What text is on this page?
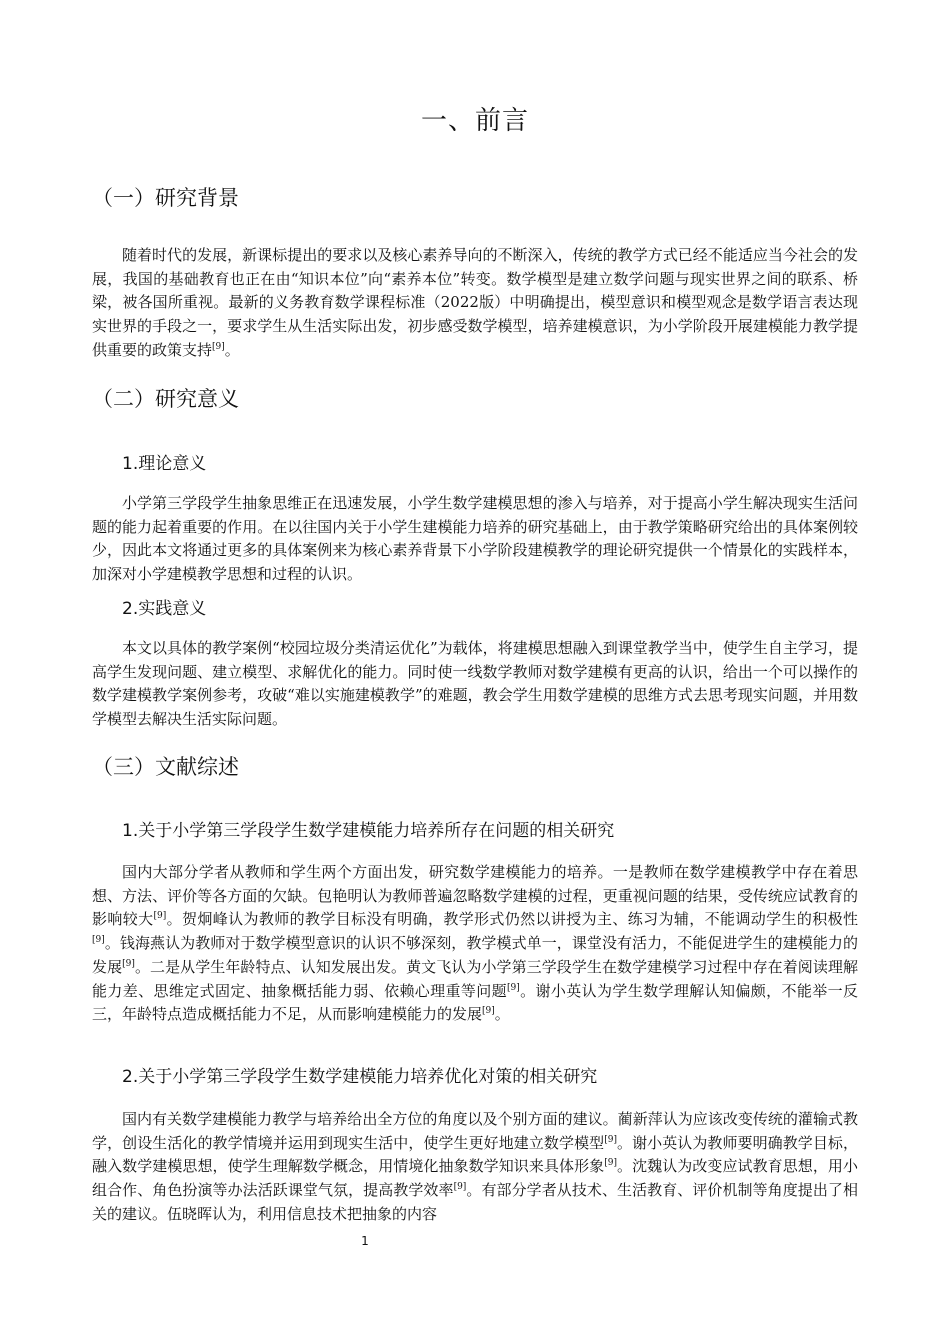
一、前言
（一）研究背景

随着时代的发展，新课标提出的要求以及核心素养导向的不断深入，传统的教学方式已经不能适应当今社会的发展，我国的基础教育也正在由“知识本位”向“素养本位”转变。数学模型是建立数学问题与现实世界之间的联系、桥梁，被各国所重视。最新的义务教育数学课程标准（2022版）中明确提出，模型意识和模型观念是数学语言表达现实世界的手段之一，要求学生从生活实际出发，初步感受数学模型，培养建模意识，为小学阶段开展建模能力教学提供重要的政策支持[9]。

（二）研究意义
1.理论意义

小学第三学段学生抽象思维正在迅速发展，小学生数学建模思想的渗入与培养，对于提高小学生解决现实生活问题的能力起着重要的作用。在以往国内关于小学生建模能力培养的研究基础上，由于教学策略研究给出的具体案例较少，因此本文将通过更多的具体案例来为核心素养背景下小学阶段建模教学的理论研究提供一个情景化的实践样本，加深对小学建模教学思想和过程的认识。

2.实践意义

本文以具体的教学案例“校园垃圾分类清运优化”为载体，将建模思想融入到课堂教学当中，使学生自主学习，提高学生发现问题、建立模型、求解优化的能力。同时使一线数学教师对数学建模有更高的认识，给出一个可以操作的数学建模教学案例参考，攻破“难以实施建模教学”的难题，教会学生用数学建模的思维方式去思考现实问题，并用数学模型去解决生活实际问题。

（三）文献综述
1.关于小学第三学段学生数学建模能力培养所存在问题的相关研究

国内大部分学者从教师和学生两个方面出发，研究数学建模能力的培养。一是教师在数学建模教学中存在着思想、方法、评价等各方面的欠缺。包艳明认为教师普遍忽略数学建模的过程，更重视问题的结果，受传统应试教育的影响较大[9]。贺炯峰认为教师的教学目标没有明确，教学形式仍然以讲授为主、练习为辅，不能调动学生的积极性[9]。钱海燕认为教师对于数学模型意识的认识不够深刻，教学模式单一，课堂没有活力，不能促进学生的建模能力的发展[9]。二是从学生年龄特点、认知发展出发。黄文飞认为小学第三学段学生在数学建模学习过程中存在着阅读理解能力差、思维定式固定、抽象概括能力弱、依赖心理重等问题[9]。谢小英认为学生数学理解认知偏颇，不能举一反三，年龄特点造成概括能力不足，从而影响建模能力的发展[9]。

2.关于小学第三学段学生数学建模能力培养优化对策的相关研究

国内有关数学建模能力教学与培养给出全方位的角度以及个别方面的建议。蔺新萍认为应该改变传统的灌输式教学，创设生活化的教学情境并运用到现实生活中，使学生更好地建立数学模型[9]。谢小英认为教师要明确教学目标，融入数学建模思想，使学生理解数学概念，用情境化抽象数学知识来具体形象[9]。沈魏认为改变应试教育思想，用小组合作、角色扮演等办法活跃课堂气氛，提高教学效率[9]。有部分学者从技术、生活教育、评价机制等角度提出了相关的建议。伍晓晖认为，利用信息技术把抽象的内容

1
